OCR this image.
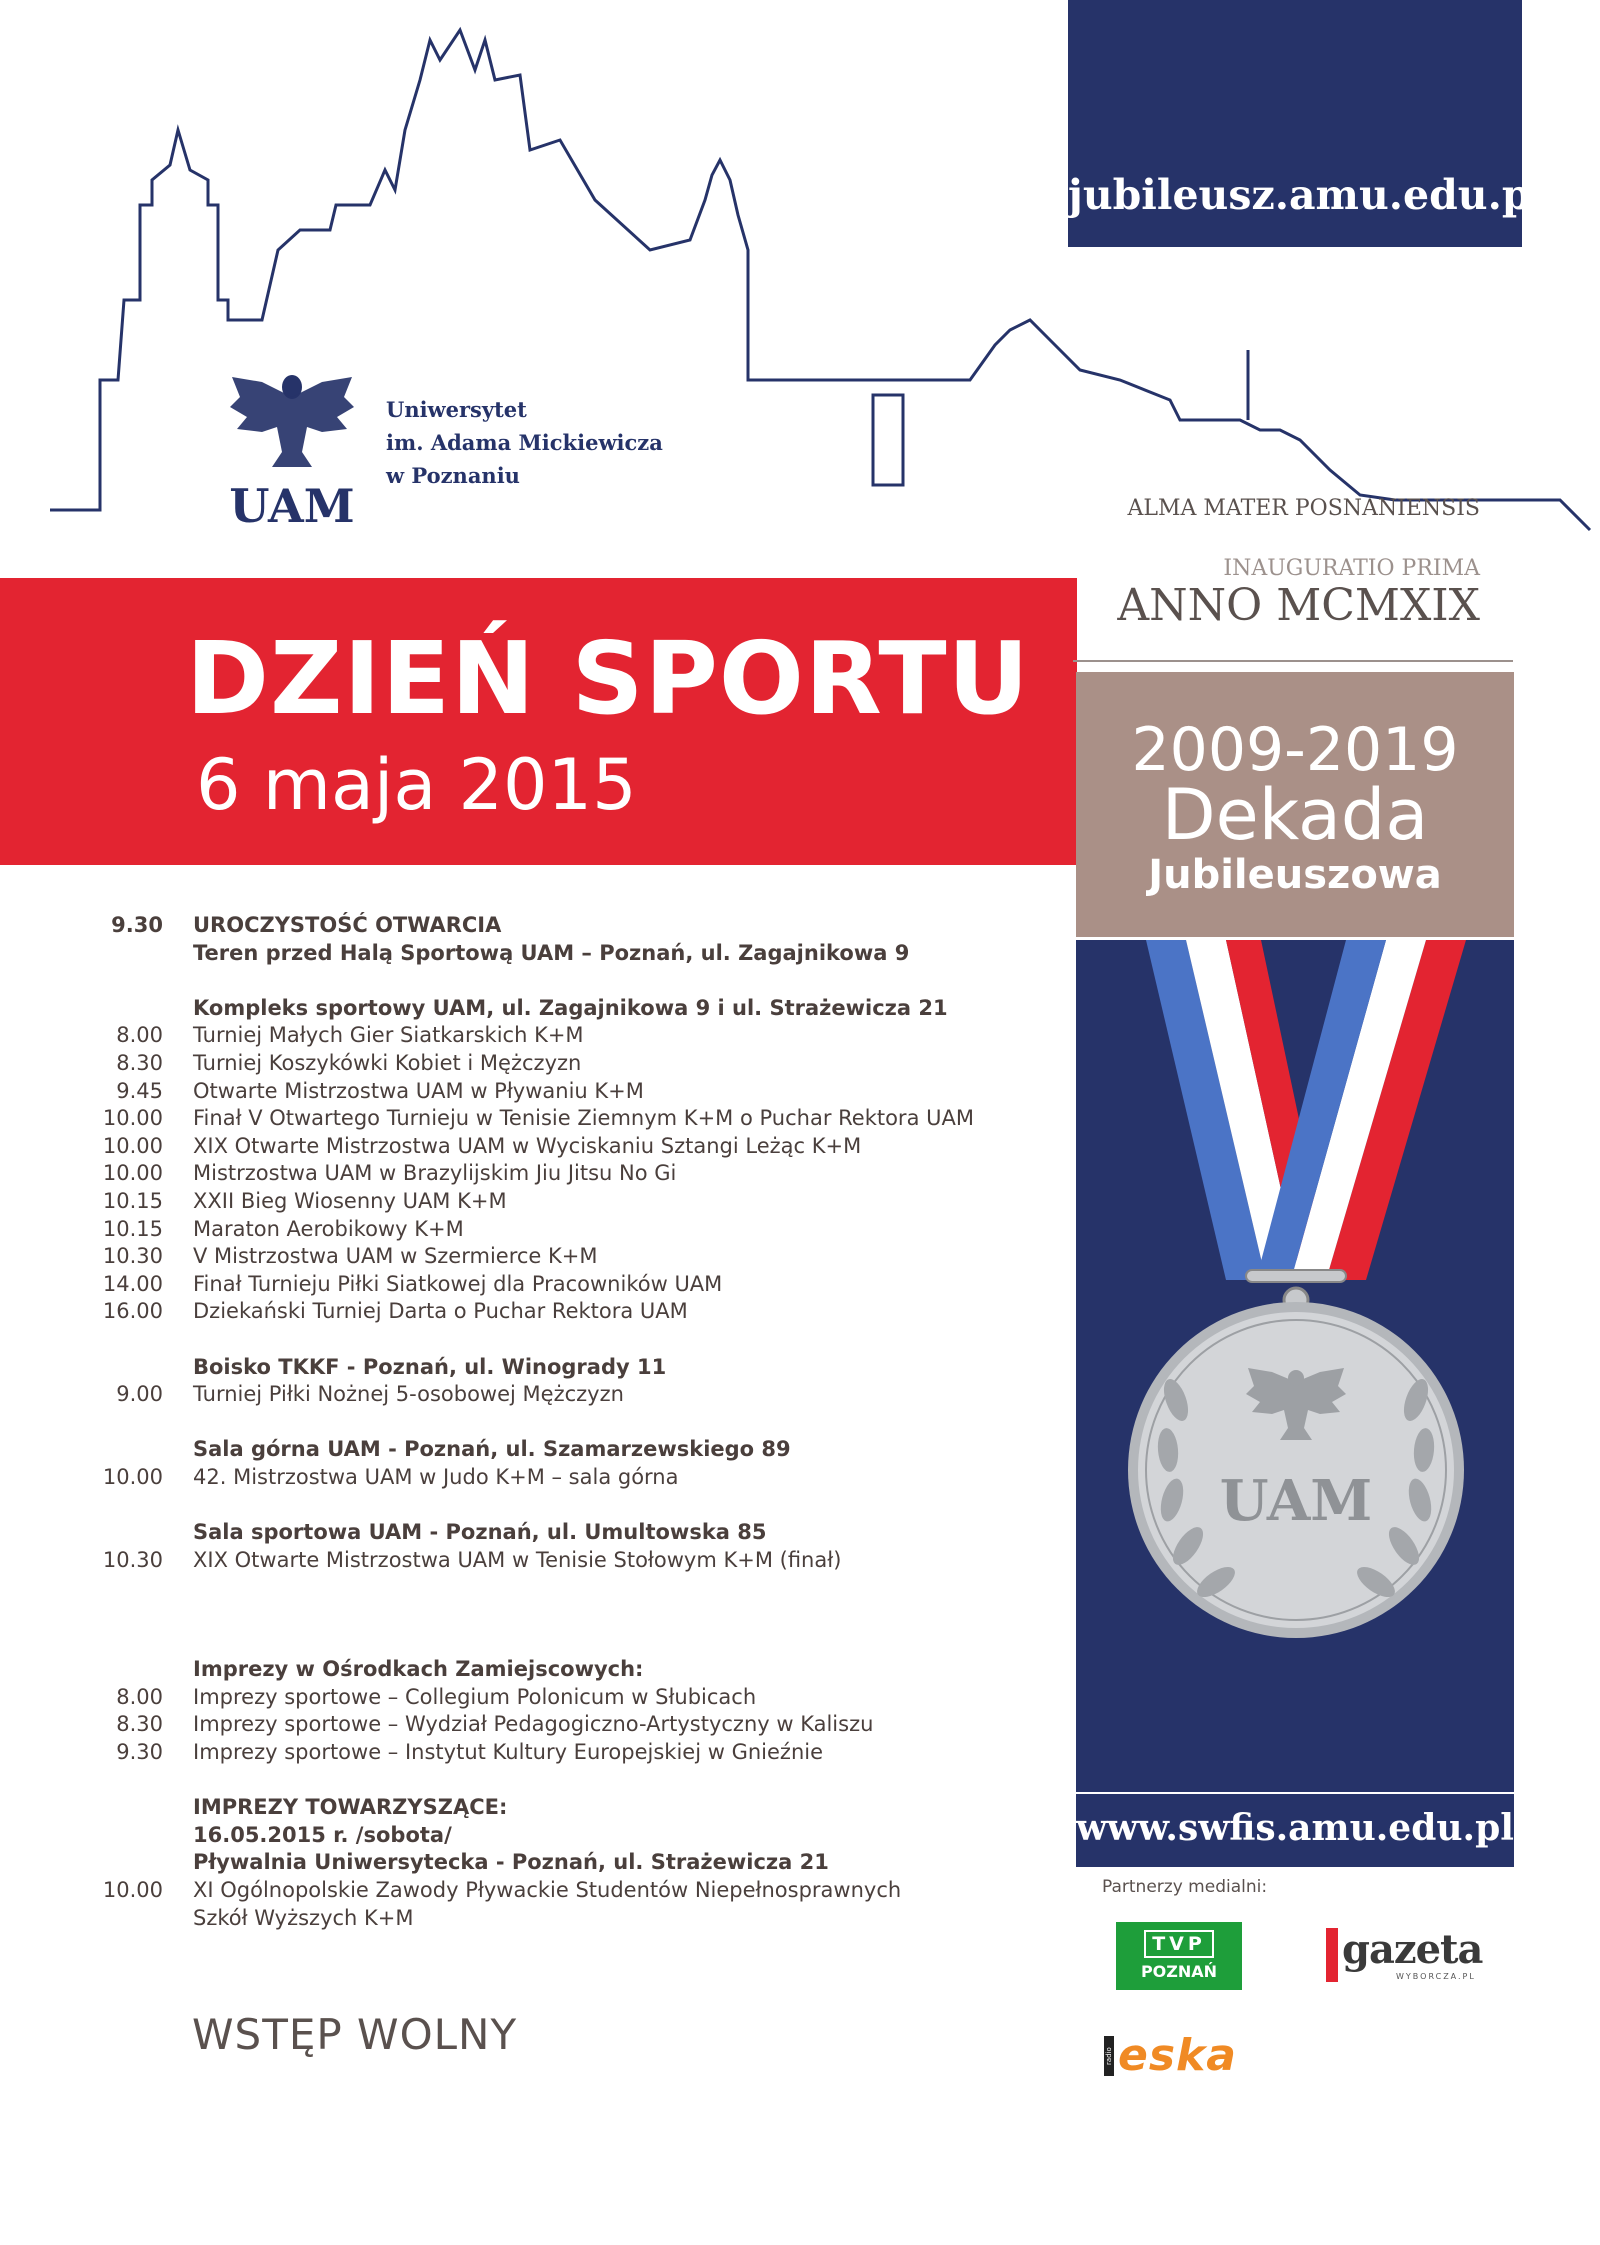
jubileusz.amu.edu.pl
UAM
Uniwersytet
im. Adama Mickiewicza
w Poznaniu
ALMA MATER POSNANIENSIS
INAUGURATIO PRIMA
ANNO MCMXIX
DZIEŃ SPORTU
6 maja 2015	2009-2019
Dekada
Jubileuszowa
UAM
www.swfis.amu.edu.pl
9.30 UROCZYSTOŚĆ OTWARCIA
Teren przed Halą Sportową UAM – Poznań, ul. Zagajnikowa 9
Kompleks sportowy UAM, ul. Zagajnikowa 9 i ul. Strażewicza 21
8.00 Turniej Małych Gier Siatkarskich K+M
8.30 Turniej Koszykówki Kobiet i Mężczyzn
9.45 Otwarte Mistrzostwa UAM w Pływaniu K+M
10.00 Finał V Otwartego Turnieju w Tenisie Ziemnym K+M o Puchar Rektora UAM
10.00 XIX Otwarte Mistrzostwa UAM w Wyciskaniu Sztangi Leżąc K+M
10.00 Mistrzostwa UAM w Brazylijskim Jiu Jitsu No Gi
10.15 XXII Bieg Wiosenny UAM K+M
10.15 Maraton Aerobikowy K+M
10.30 V Mistrzostwa UAM w Szermierce K+M
14.00 Finał Turnieju Piłki Siatkowej dla Pracowników UAM
16.00 Dziekański Turniej Darta o Puchar Rektora UAM
Boisko TKKF - Poznań, ul. Winogrady 11
9.00 Turniej Piłki Nożnej 5-osobowej Mężczyzn
Sala górna UAM - Poznań, ul. Szamarzewskiego 89
10.00 42. Mistrzostwa UAM w Judo K+M – sala górna
Sala sportowa UAM - Poznań, ul. Umultowska 85
10.30 XIX Otwarte Mistrzostwa UAM w Tenisie Stołowym K+M (finał)
Imprezy w Ośrodkach Zamiejscowych:
8.00 Imprezy sportowe – Collegium Polonicum w Słubicach
8.30 Imprezy sportowe – Wydział Pedagogiczno-Artystyczny w Kaliszu
9.30 Imprezy sportowe – Instytut Kultury Europejskiej w Gnieźnie
IMPREZY TOWARZYSZĄCE:
16.05.2015 r. /sobota/
Pływalnia Uniwersytecka - Poznań, ul. Strażewicza 21
10.00 XI Ogólnopolskie Zawody Pływackie Studentów Niepełnosprawnych
Szkół Wyższych K+M
WSTĘP WOLNY
Partnerzy medialni:
TVP
POZNAŃ	gazeta
WYBORCZA.PL
radio eska
